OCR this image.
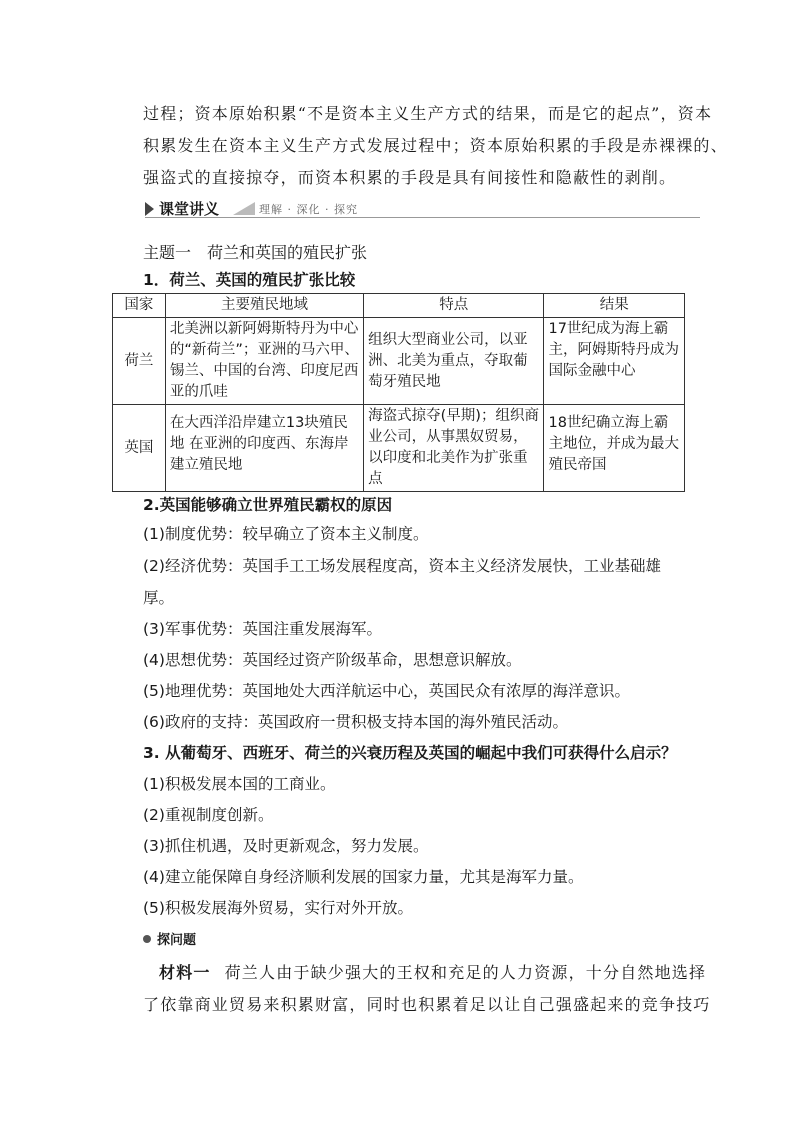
过程；资本原始积累“不是资本主义生产方式的结果，而是它的起点”，资本
积累发生在资本主义生产方式发展过程中；资本原始积累的手段是赤裸裸的、
强盗式的直接掠夺，而资本积累的手段是具有间接性和隐蔽性的剥削。
课堂讲义	理解 · 深化 · 探究
主题一　荷兰和英国的殖民扩张
1．荷兰、英国的殖民扩张比较
国家	主要殖民地域	特点	结果
荷兰	北美洲以新阿姆斯特丹为中心的“新荷兰”；亚洲的马六甲、锡兰、中国的台湾、印度尼西亚的爪哇	组织大型商业公司，以亚洲、北美为重点，夺取葡萄牙殖民地	17世纪成为海上霸主，阿姆斯特丹成为国际金融中心
英国	在大西洋沿岸建立13块殖民地 在亚洲的印度西、东海岸建立殖民地	海盗式掠夺(早期)；组织商业公司，从事黑奴贸易，以印度和北美作为扩张重点	18世纪确立海上霸主地位，并成为最大殖民帝国
2.英国能够确立世界殖民霸权的原因
(1)制度优势：较早确立了资本主义制度。
(2)经济优势：英国手工工场发展程度高，资本主义经济发展快，工业基础雄
厚。
(3)军事优势：英国注重发展海军。
(4)思想优势：英国经过资产阶级革命，思想意识解放。
(5)地理优势：英国地处大西洋航运中心，英国民众有浓厚的海洋意识。
(6)政府的支持：英国政府一贯积极支持本国的海外殖民活动。
3. 从葡萄牙、西班牙、荷兰的兴衰历程及英国的崛起中我们可获得什么启示？
(1)积极发展本国的工商业。
(2)重视制度创新。
(3)抓住机遇，及时更新观念，努力发展。
(4)建立能保障自身经济顺利发展的国家力量，尤其是海军力量。
(5)积极发展海外贸易，实行对外开放。
探问题
材料一 荷兰人由于缺少强大的王权和充足的人力资源，十分自然地选择
了依靠商业贸易来积累财富，同时也积累着足以让自己强盛起来的竞争技巧
